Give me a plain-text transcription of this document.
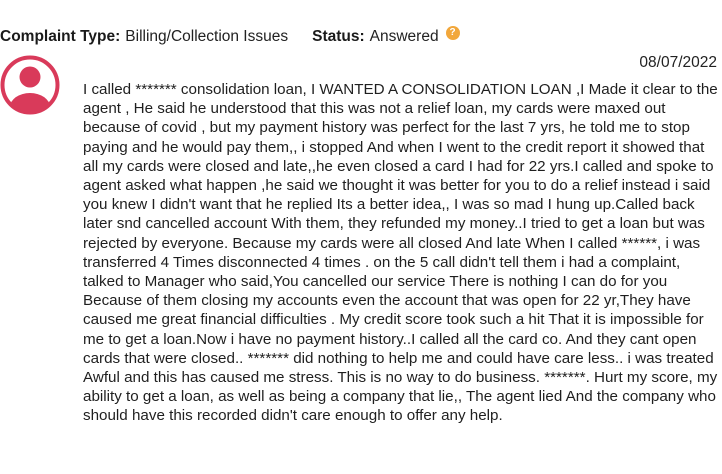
Complaint Type: Billing/Collection Issues Status: Answered	?
08/07/2022

I called ******* consolidation loan, I WANTED A CONSOLIDATION LOAN ,I Made it clear to the agent , He said he understood that this was not a relief loan, my cards were maxed out because of covid , but my payment history was perfect for the last 7 yrs, he told me to stop paying and he would pay them,, i stopped And when I went to the credit report it showed that all my cards were closed and late,,he even closed a card I had for 22 yrs.I called and spoke to agent asked what happen ,he said we thought it was better for you to do a relief instead i said you knew I didn't want that he replied Its a better idea,, I was so mad I hung up.Called back later snd cancelled account With them, they refunded my money..I tried to get a loan but was rejected by everyone. Because my cards were all closed And late When I called ******, i was transferred 4 Times disconnected 4 times . on the 5 call didn't tell them i had a complaint, talked to Manager who said,You cancelled our service There is nothing I can do for you Because of them closing my accounts even the account that was open for 22 yr,They have caused me great financial difficulties . My credit score took such a hit That it is impossible for me to get a loan.Now i have no payment history..I called all the card co. And they cant open cards that were closed.. ******* did nothing to help me and could have care less.. i was treated Awful and this has caused me stress. This is no way to do business. *******. Hurt my score, my ability to get a loan, as well as being a company that lie,, The agent lied And the company who should have this recorded didn't care enough to offer any help.
